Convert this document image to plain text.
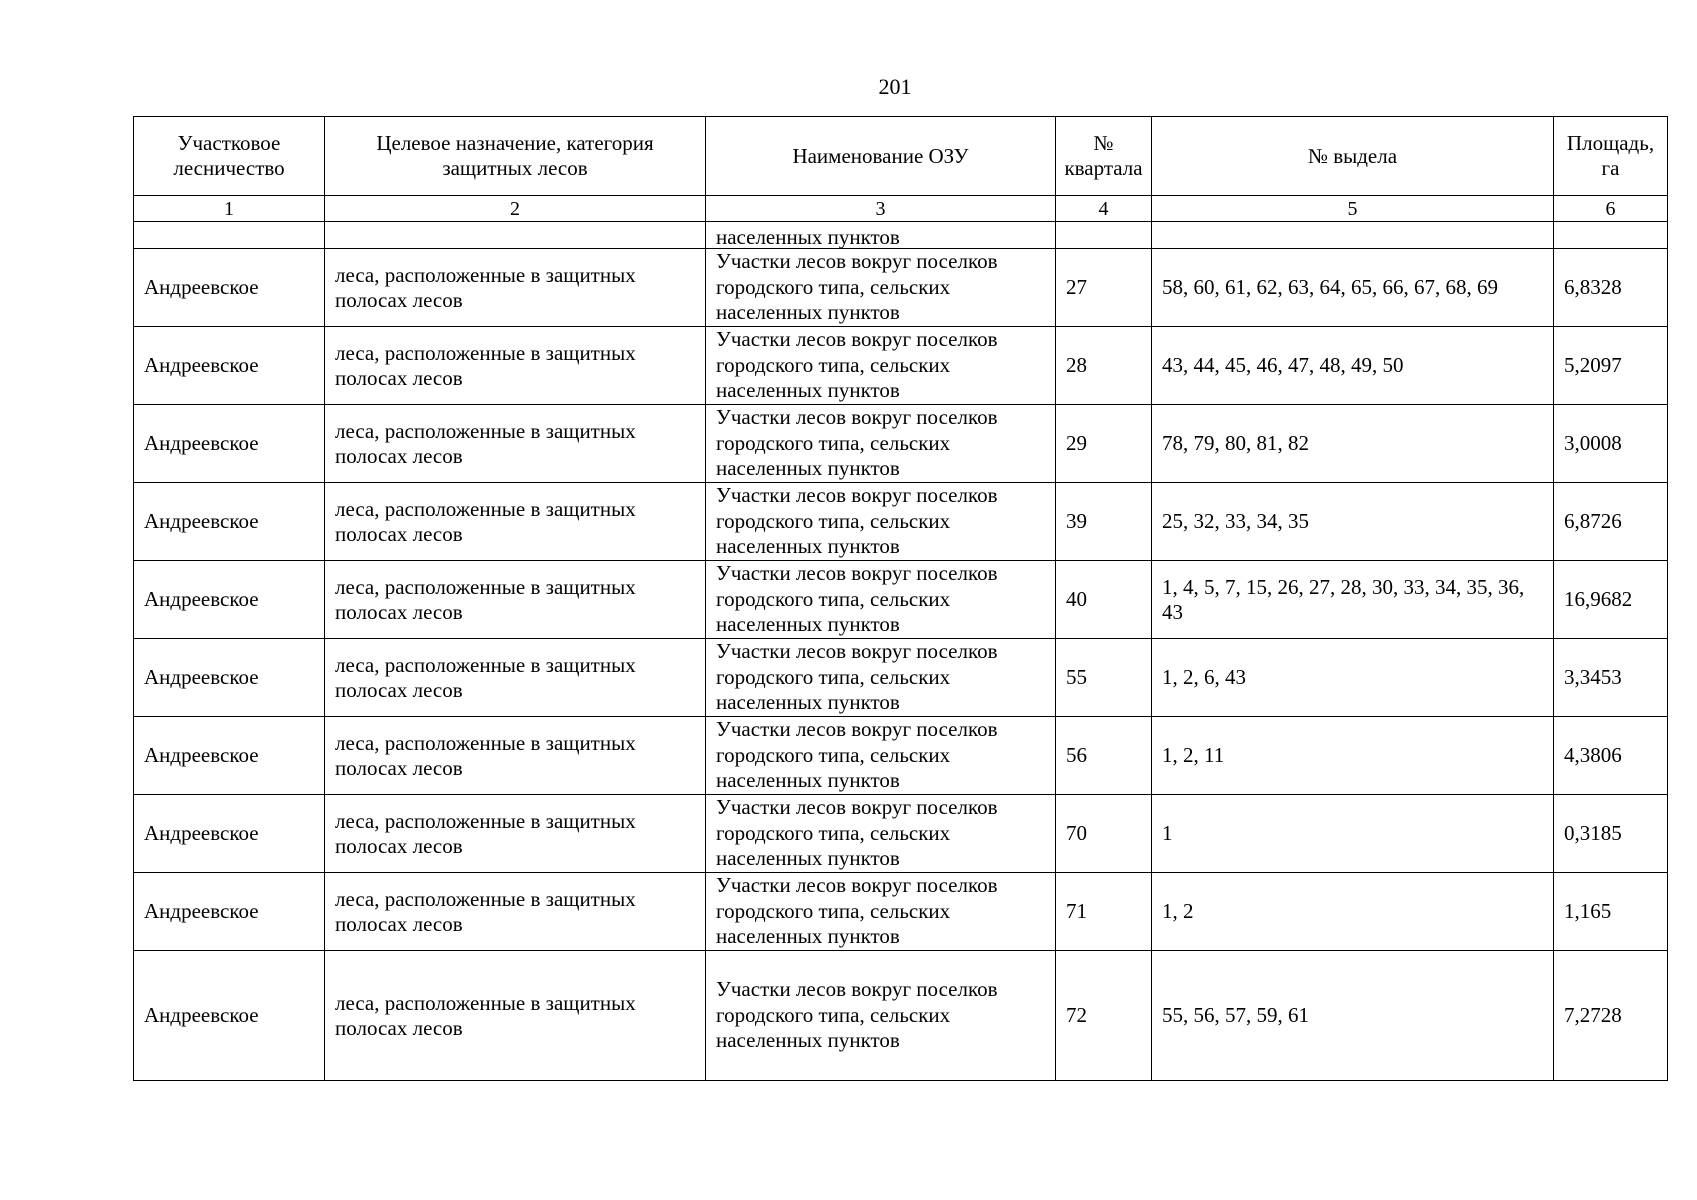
201
Участковое лесничество	Целевое назначение, категория защитных лесов	Наименование ОЗУ	№ квартала	№ выдела	Площадь, га
1	2	3	4	5	6
		населенных пунктов			
Андреевское	леса, расположенные в защитных полосах лесов	Участки лесов вокруг поселков городского типа, сельских населенных пунктов	27	58, 60, 61, 62, 63, 64, 65, 66, 67, 68, 69	6,8328
Андреевское	леса, расположенные в защитных полосах лесов	Участки лесов вокруг поселков городского типа, сельских населенных пунктов	28	43, 44, 45, 46, 47, 48, 49, 50	5,2097
Андреевское	леса, расположенные в защитных полосах лесов	Участки лесов вокруг поселков городского типа, сельских населенных пунктов	29	78, 79, 80, 81, 82	3,0008
Андреевское	леса, расположенные в защитных полосах лесов	Участки лесов вокруг поселков городского типа, сельских населенных пунктов	39	25, 32, 33, 34, 35	6,8726
Андреевское	леса, расположенные в защитных полосах лесов	Участки лесов вокруг поселков городского типа, сельских населенных пунктов	40	1, 4, 5, 7, 15, 26, 27, 28, 30, 33, 34, 35, 36, 43	16,9682
Андреевское	леса, расположенные в защитных полосах лесов	Участки лесов вокруг поселков городского типа, сельских населенных пунктов	55	1, 2, 6, 43	3,3453
Андреевское	леса, расположенные в защитных полосах лесов	Участки лесов вокруг поселков городского типа, сельских населенных пунктов	56	1, 2, 11	4,3806
Андреевское	леса, расположенные в защитных полосах лесов	Участки лесов вокруг поселков городского типа, сельских населенных пунктов	70	1	0,3185
Андреевское	леса, расположенные в защитных полосах лесов	Участки лесов вокруг поселков городского типа, сельских населенных пунктов	71	1, 2	1,165
Андреевское	леса, расположенные в защитных полосах лесов	Участки лесов вокруг поселков городского типа, сельских населенных пунктов	72	55, 56, 57, 59, 61	7,2728
